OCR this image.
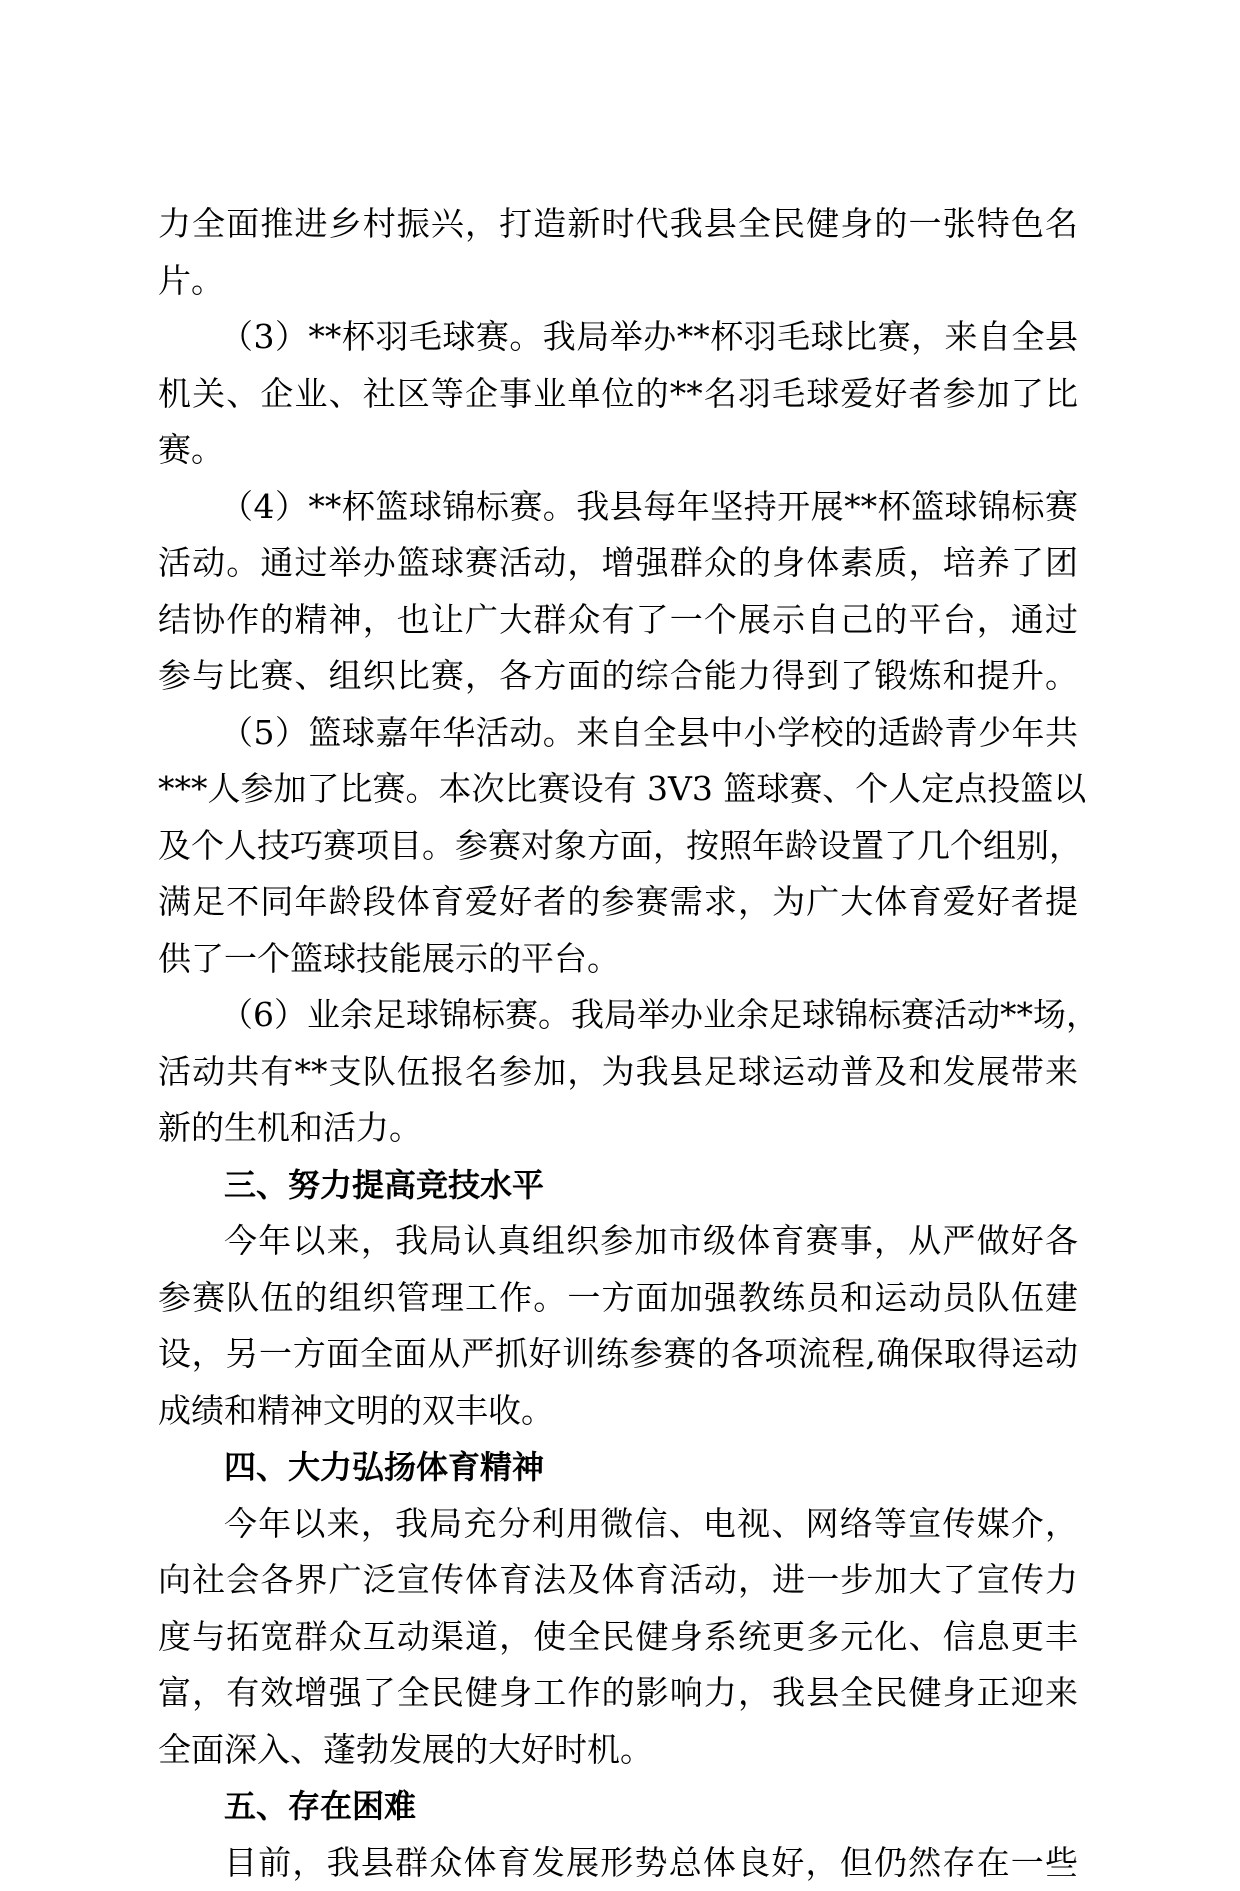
力全面推进乡村振兴，打造新时代我县全民健身的一张特色名
片。
（3）**杯羽毛球赛。我局举办**杯羽毛球比赛，来自全县
机关、企业、社区等企事业单位的**名羽毛球爱好者参加了比
赛。
（4）**杯篮球锦标赛。我县每年坚持开展**杯篮球锦标赛
活动。通过举办篮球赛活动，增强群众的身体素质，培养了团
结协作的精神，也让广大群众有了一个展示自己的平台，通过
参与比赛、组织比赛，各方面的综合能力得到了锻炼和提升。
（5）篮球嘉年华活动。来自全县中小学校的适龄青少年共
***人参加了比赛。本次比赛设有 3V3 篮球赛、个人定点投篮以
及个人技巧赛项目。参赛对象方面，按照年龄设置了几个组别，
满足不同年龄段体育爱好者的参赛需求，为广大体育爱好者提
供了一个篮球技能展示的平台。
（6）业余足球锦标赛。我局举办业余足球锦标赛活动**场，
活动共有**支队伍报名参加，为我县足球运动普及和发展带来
新的生机和活力。
三、努力提高竞技水平
今年以来，我局认真组织参加市级体育赛事，从严做好各
参赛队伍的组织管理工作。一方面加强教练员和运动员队伍建
设，另一方面全面从严抓好训练参赛的各项流程,确保取得运动
成绩和精神文明的双丰收。
四、大力弘扬体育精神
今年以来，我局充分利用微信、电视、网络等宣传媒介，
向社会各界广泛宣传体育法及体育活动，进一步加大了宣传力
度与拓宽群众互动渠道，使全民健身系统更多元化、信息更丰
富，有效增强了全民健身工作的影响力，我县全民健身正迎来
全面深入、蓬勃发展的大好时机。
五、存在困难
目前，我县群众体育发展形势总体良好，但仍然存在一些
